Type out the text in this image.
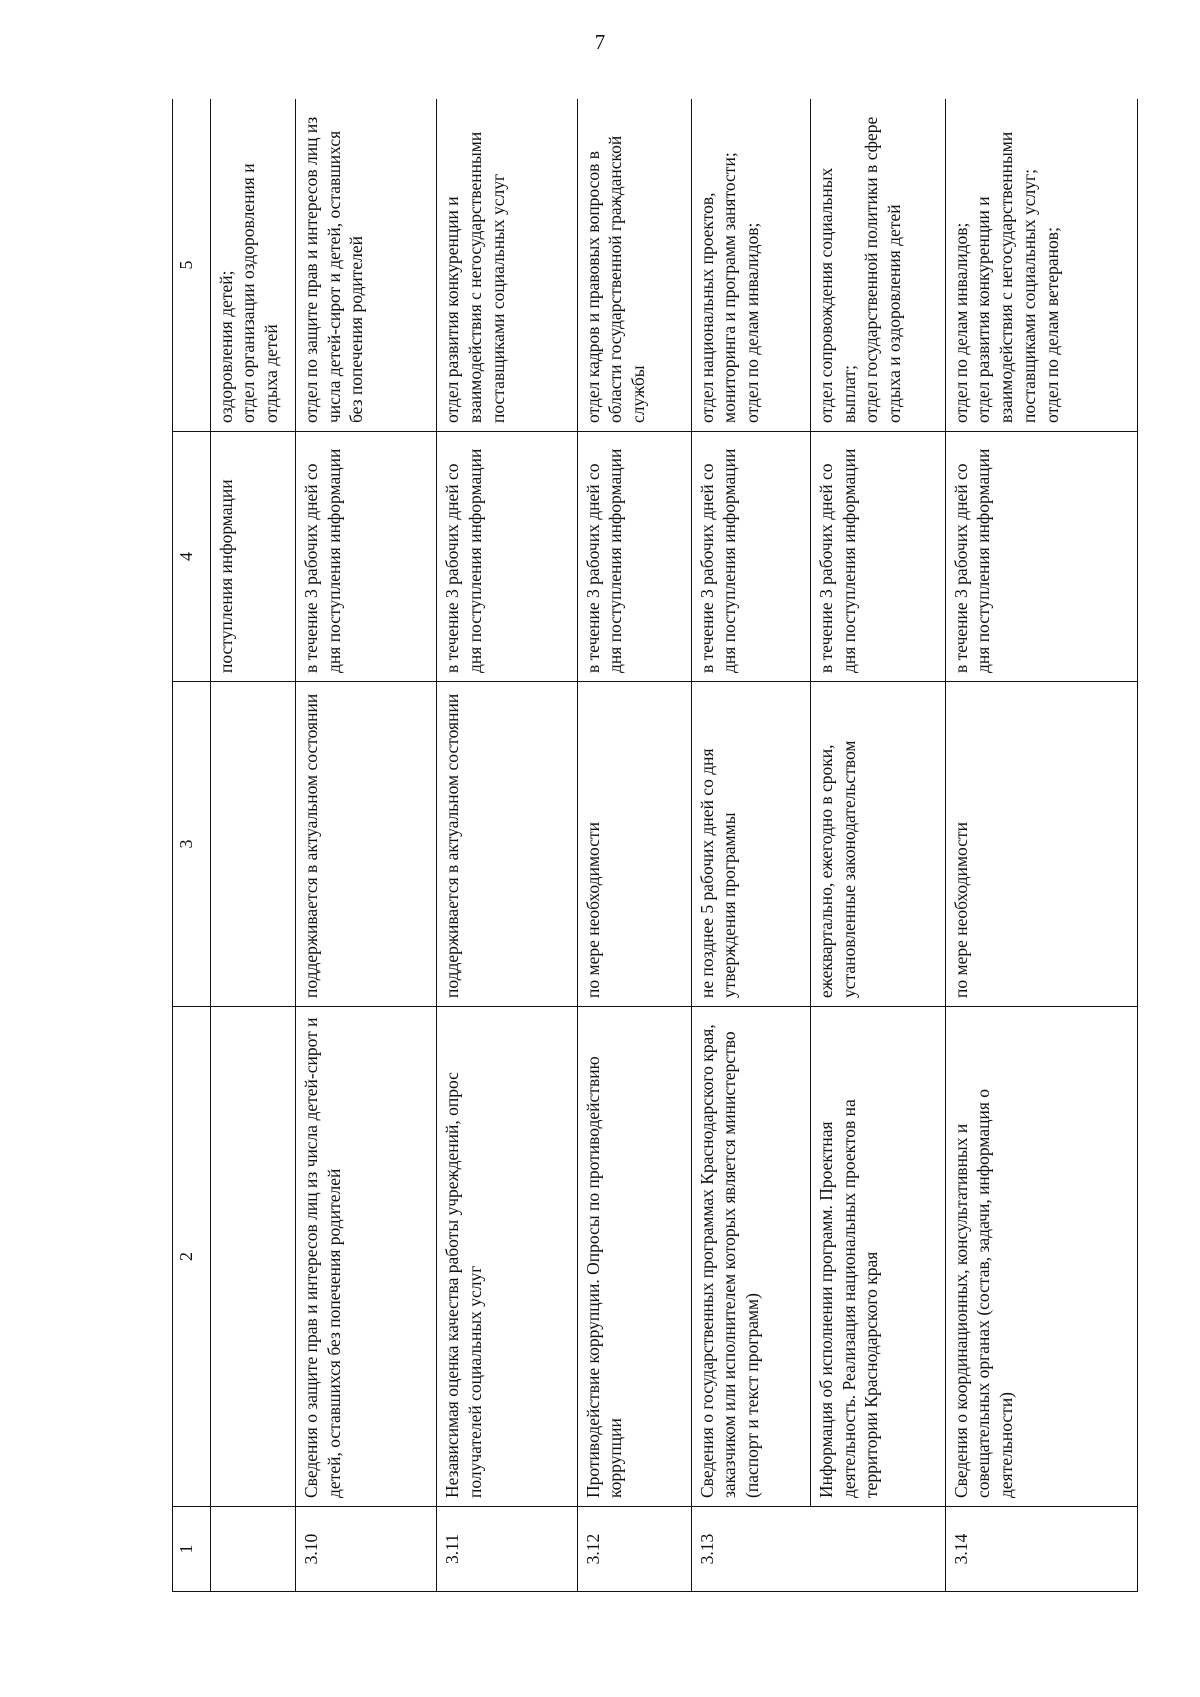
7
1	2	3	4	5
			поступления информации	оздоровления детей; отдел организации оздоровления и отдыха детей

3.10	Сведения о защите прав и интересов лиц из числа детей-сирот и детей, оставшихся без попечения родителей	поддерживается в актуальном состоянии	в течение 3 рабочих дней со дня поступления информации	отдел по защите прав и интересов лиц из числа детей-сирот и детей, оставшихся без попечения родителей

3.11	Независимая оценка качества работы учреждений, опрос получателей социальных услуг	поддерживается в актуальном состоянии	в течение 3 рабочих дней со дня поступления информации	отдел развития конкуренции и взаимодействия с негосударственными поставщиками социальных услуг

3.12	Противодействие коррупции. Опросы по противодействию коррупции	по мере необходимости	в течение 3 рабочих дней со дня поступления информации	отдел кадров и правовых вопросов в области государственной гражданской службы

3.13	Сведения о государственных программах Краснодарского края, заказчиком или исполнителем которых является министерство (паспорт и текст программ)	не позднее 5 рабочих дней со дня утверждения программы	в течение 3 рабочих дней со дня поступления информации	отдел национальных проектов, мониторинга и программ занятости; отдел по делам инвалидов;

	Информация об исполнении программ. Проектная деятельность. Реализация национальных проектов на территории Краснодарского края	ежеквартально, ежегодно в сроки, установленные законодательством	в течение 3 рабочих дней со дня поступления информации	отдел сопровождения социальных выплат; отдел государственной политики в сфере отдыха и оздоровления детей

3.14	Сведения о координационных, консультативных и совещательных органах (состав, задачи, информация о деятельности)	по мере необходимости	в течение 3 рабочих дней со дня поступления информации	отдел по делам инвалидов; отдел развития конкуренции и взаимодействия с негосударственными поставщиками социальных услуг; отдел по делам ветеранов;
